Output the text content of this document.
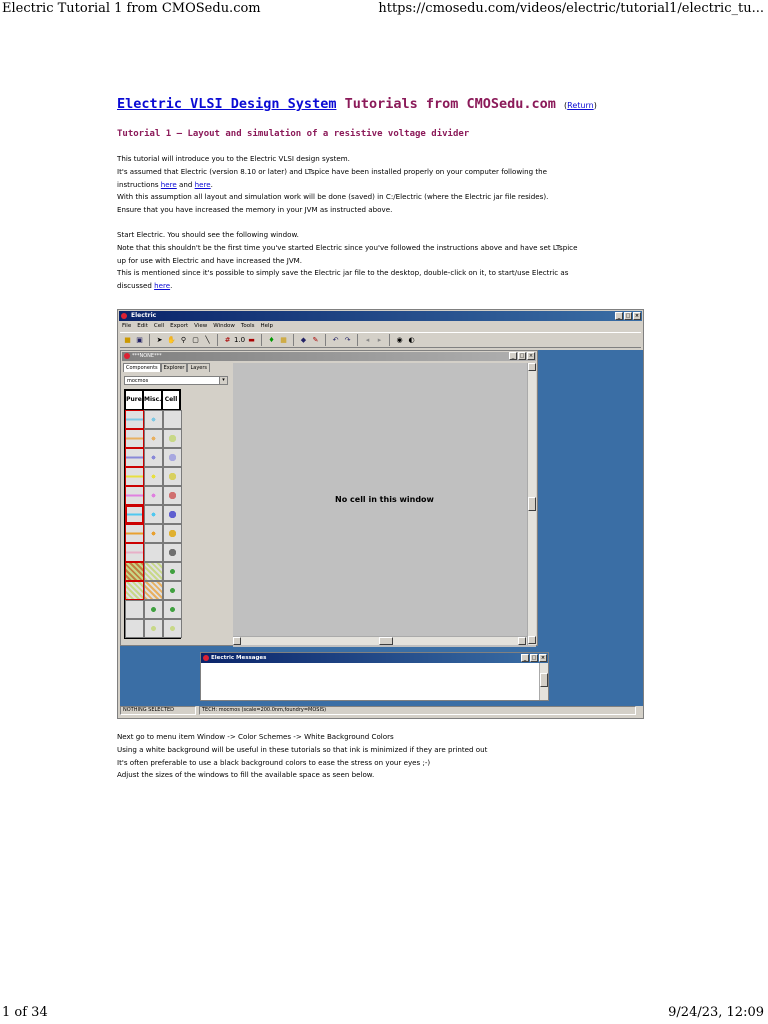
Electric Tutorial 1 from CMOSedu.com	https://cmosedu.com/videos/electric/tutorial1/electric_tu...
Electric VLSI Design System Tutorials from CMOSedu.com (Return)
Tutorial 1 – Layout and simulation of a resistive voltage divider
This tutorial will introduce you to the Electric VLSI design system.
It's assumed that Electric (version 8.10 or later) and LTspice have been installed properly on your computer following the
instructions here and here.
With this assumption all layout and simulation work will be done (saved) in C:/Electric (where the Electric jar file resides).
Ensure that you have increased the memory in your JVM as instructed above.
Start Electric. You should see the following window.
Note that this shouldn't be the first time you've started Electric since you've followed the instructions above and have set LTspice
up for use with Electric and have increased the JVM.
This is mentioned since it's possible to simply save the Electric jar file to the desktop, double-click on it, to start/use Electric as
discussed here.
Electric	_	□ ×
File Edit Cell Export View Window Tools Help
■ ▣	➤ ✋ ⚲ ▢ ╲	# 1.0 ▬	♦ ▦	◆ ✎	↶ ↷	◂	▸	◉ ◐
***NONE***	_	□ ×
Components	Explorer	Layers
mocmos	▾
Pure Misc. Cell
No cell in this window
Electric Messages	_	□ ×
NOTHING SELECTED	TECH: mocmos (scale=200.0nm,foundry=MOSIS)
Next go to menu item Window -> Color Schemes -> White Background Colors
Using a white background will be useful in these tutorials so that ink is minimized if they are printed out
It's often preferable to use a black background colors to ease the stress on your eyes ;-)
Adjust the sizes of the windows to fill the available space as seen below.
1 of 34	9/24/23, 12:09
